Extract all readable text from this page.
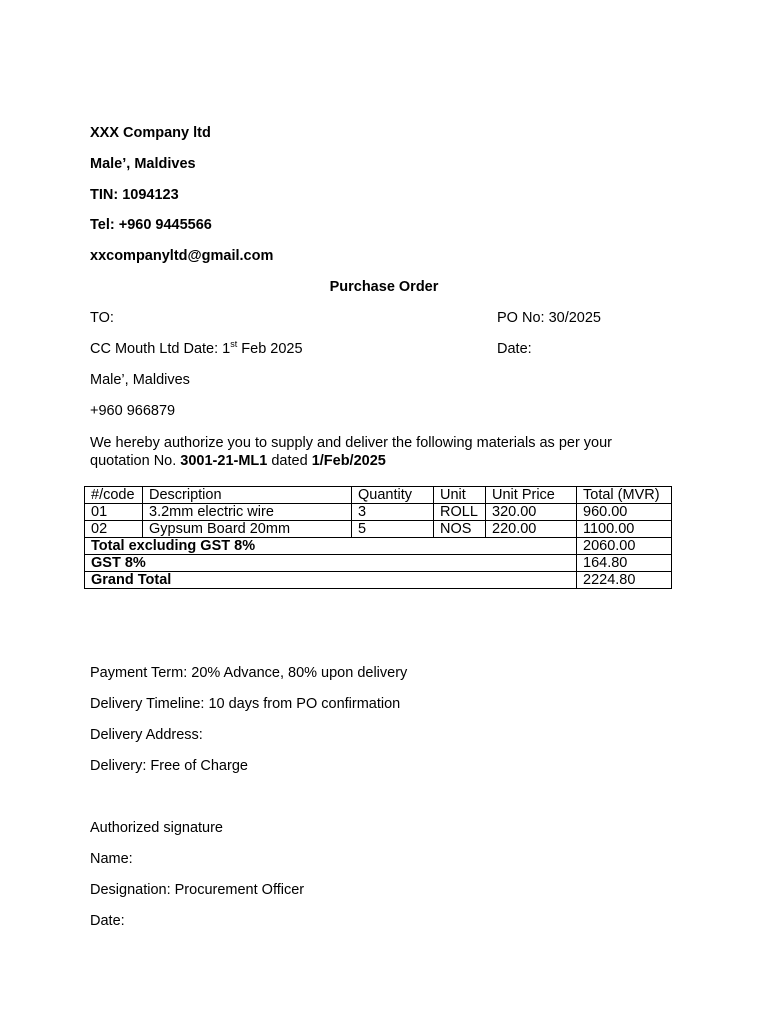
XXX Company ltd
Male’, Maldives
TIN: 1094123
Tel: +960 9445566
xxcompanyltd@gmail.com
Purchase Order
TO:	PO No: 30/2025
CC Mouth Ltd Date: 1st Feb 2025	Date:
Male’, Maldives
+960 966879
We hereby authorize you to supply and deliver the following materials as per your quotation No. 3001-21-ML1 dated 1/Feb/2025
#/code	Description	Quantity	Unit	Unit Price	Total (MVR)
01	3.2mm electric wire	3	ROLL	320.00	960.00
02	Gypsum Board 20mm	5	NOS	220.00	1100.00
Total excluding GST 8%					2060.00
GST 8%					164.80
Grand Total					2224.80
Payment Term: 20% Advance, 80% upon delivery
Delivery Timeline: 10 days from PO confirmation
Delivery Address:
Delivery: Free of Charge
Authorized signature
Name:
Designation: Procurement Officer
Date:
